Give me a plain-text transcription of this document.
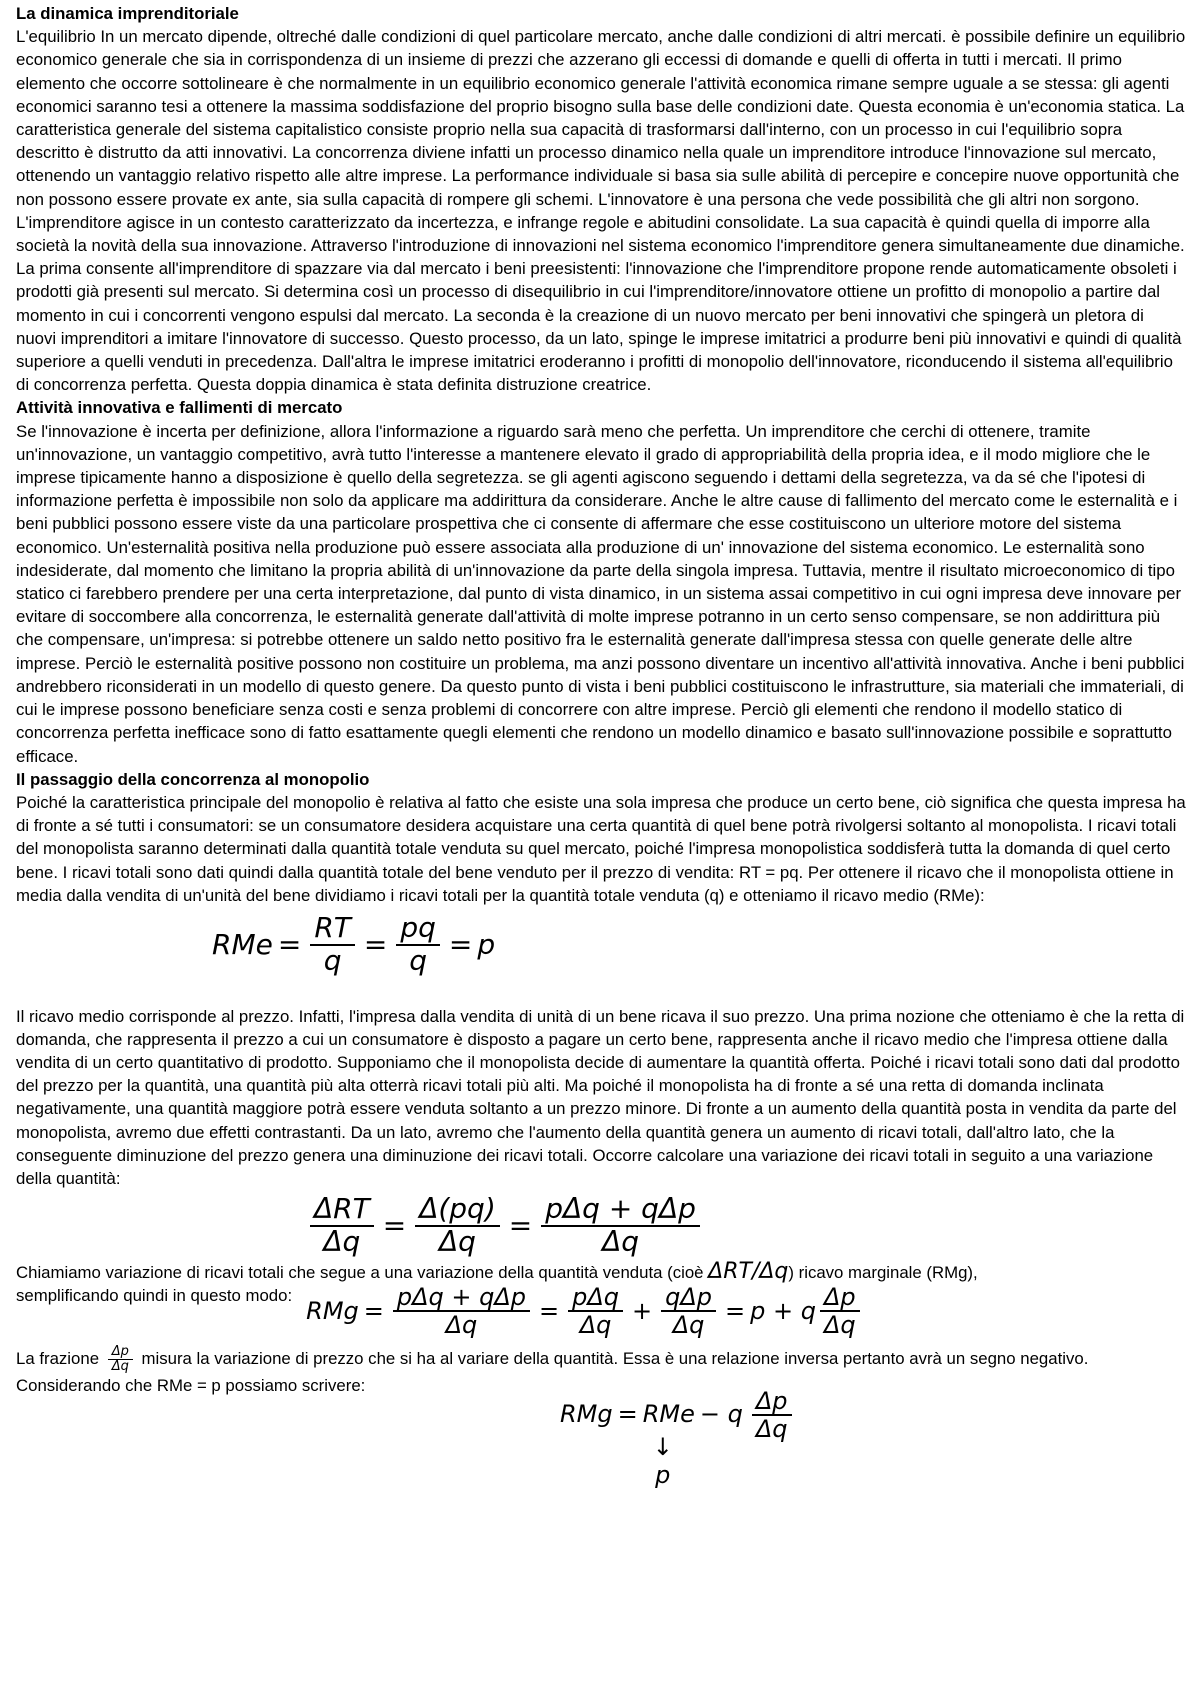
La dinamica imprenditoriale

L'equilibrio In un mercato dipende, oltreché dalle condizioni di quel particolare mercato, anche dalle condizioni di altri mercati. è possibile definire un equilibrio economico generale che sia in corrispondenza di un insieme di prezzi che azzerano gli eccessi di domande e quelli di offerta in tutti i mercati. Il primo elemento che occorre sottolineare è che normalmente in un equilibrio economico generale l'attività economica rimane sempre uguale a se stessa: gli agenti economici saranno tesi a ottenere la massima soddisfazione del proprio bisogno sulla base delle condizioni date. Questa economia è un'economia statica. La caratteristica generale del sistema capitalistico consiste proprio nella sua capacità di trasformarsi dall'interno, con un processo in cui l'equilibrio sopra descritto è distrutto da atti innovativi. La concorrenza diviene infatti un processo dinamico nella quale un imprenditore introduce l'innovazione sul mercato, ottenendo un vantaggio relativo rispetto alle altre imprese. La performance individuale si basa sia sulle abilità di percepire e concepire nuove opportunità che non possono essere provate ex ante, sia sulla capacità di rompere gli schemi. L'innovatore è una persona che vede possibilità che gli altri non sorgono. L'imprenditore agisce in un contesto caratterizzato da incertezza, e infrange regole e abitudini consolidate. La sua capacità è quindi quella di imporre alla società la novità della sua innovazione. Attraverso l'introduzione di innovazioni nel sistema economico l'imprenditore genera simultaneamente due dinamiche. La prima consente all'imprenditore di spazzare via dal mercato i beni preesistenti: l'innovazione che l'imprenditore propone rende automaticamente obsoleti i prodotti già presenti sul mercato. Si determina così un processo di disequilibrio in cui l'imprenditore/innovatore ottiene un profitto di monopolio a partire dal momento in cui i concorrenti vengono espulsi dal mercato. La seconda è la creazione di un nuovo mercato per beni innovativi che spingerà un pletora di nuovi imprenditori a imitare l'innovatore di successo. Questo processo, da un lato, spinge le imprese imitatrici a produrre beni più innovativi e quindi di qualità superiore a quelli venduti in precedenza. Dall'altra le imprese imitatrici eroderanno i profitti di monopolio dell'innovatore, riconducendo il sistema all'equilibrio di concorrenza perfetta. Questa doppia dinamica è stata definita distruzione creatrice.

Attività innovativa e fallimenti di mercato

Se l'innovazione è incerta per definizione, allora l'informazione a riguardo sarà meno che perfetta. Un imprenditore che cerchi di ottenere, tramite un'innovazione, un vantaggio competitivo, avrà tutto l'interesse a mantenere elevato il grado di appropriabilità della propria idea, e il modo migliore che le imprese tipicamente hanno a disposizione è quello della segretezza. se gli agenti agiscono seguendo i dettami della segretezza, va da sé che l'ipotesi di informazione perfetta è impossibile non solo da applicare ma addirittura da considerare. Anche le altre cause di fallimento del mercato come le esternalità e i beni pubblici possono essere viste da una particolare prospettiva che ci consente di affermare che esse costituiscono un ulteriore motore del sistema economico. Un'esternalità positiva nella produzione può essere associata alla produzione di un' innovazione del sistema economico. Le esternalità sono indesiderate, dal momento che limitano la propria abilità di un'innovazione da parte della singola impresa. Tuttavia, mentre il risultato microeconomico di tipo statico ci farebbero prendere per una certa interpretazione, dal punto di vista dinamico, in un sistema assai competitivo in cui ogni impresa deve innovare per evitare di soccombere alla concorrenza, le esternalità generate dall'attività di molte imprese potranno in un certo senso compensare, se non addirittura più che compensare, un'impresa: si potrebbe ottenere un saldo netto positivo fra le esternalità generate dall'impresa stessa con quelle generate delle altre imprese. Perciò le esternalità positive possono non costituire un problema, ma anzi possono diventare un incentivo all'attività innovativa. Anche i beni pubblici andrebbero riconsiderati in un modello di questo genere. Da questo punto di vista i beni pubblici costituiscono le infrastrutture, sia materiali che immateriali, di cui le imprese possono beneficiare senza costi e senza problemi di concorrere con altre imprese. Perciò gli elementi che rendono il modello statico di concorrenza perfetta inefficace sono di fatto esattamente quegli elementi che rendono un modello dinamico e basato sull'innovazione possibile e soprattutto efficace.

Il passaggio della concorrenza al monopolio

Poiché la caratteristica principale del monopolio è relativa al fatto che esiste una sola impresa che produce un certo bene, ciò significa che questa impresa ha di fronte a sé tutti i consumatori: se un consumatore desidera acquistare una certa quantità di quel bene potrà rivolgersi soltanto al monopolista. I ricavi totali del monopolista saranno determinati dalla quantità totale venduta su quel mercato, poiché l'impresa monopolistica soddisferà tutta la domanda di quel certo bene. I ricavi totali sono dati quindi dalla quantità totale del bene venduto per il prezzo di vendita: RT = pq. Per ottenere il ricavo che il monopolista ottiene in media dalla vendita di un'unità del bene dividiamo i ricavi totali per la quantità totale venduta (q) e otteniamo il ricavo medio (RMe):

RMe = $\frac{RT}{q} = \frac{pq}{q} = p$

Il ricavo medio corrisponde al prezzo. Infatti, l'impresa dalla vendita di unità di un bene ricava il suo prezzo. Una prima nozione che otteniamo è che la retta di domanda, che rappresenta il prezzo a cui un consumatore è disposto a pagare un certo bene, rappresenta anche il ricavo medio che l'impresa ottiene dalla vendita di un certo quantitativo di prodotto. Supponiamo che il monopolista decide di aumentare la quantità offerta. Poiché i ricavi totali sono dati dal prodotto del prezzo per la quantità, una quantità più alta otterrà ricavi totali più alti. Ma poiché il monopolista ha di fronte a sé una retta di domanda inclinata negativamente, una quantità maggiore potrà essere venduta soltanto a un prezzo minore. Di fronte a un aumento della quantità posta in vendita da parte del monopolista, avremo due effetti contrastanti. Da un lato, avremo che l'aumento della quantità genera un aumento di ricavi totali, dall'altro lato, che la conseguente diminuzione del prezzo genera una diminuzione dei ricavi totali. Occorre calcolare una variazione dei ricavi totali in seguito a una variazione della quantità:

$\frac{\text{ΔRT}}{\Delta q} = \frac{\Delta(pq)}{\Delta q} = \frac{\text{pΔq + qΔp}}{\Delta q}$

Chiamiamo variazione di ricavi totali che segue a una variazione della quantità venduta (cioè ΔRT/Δq) ricavo marginale (RMg),

semplificando quindi in questo modo:
RMg = $\frac{\text{pΔq + qΔp}}{\Delta q} = \frac{\text{pΔq}}{\Delta q} + \frac{\text{qΔp}}{\Delta q} = p + q \frac{\Delta p}{\Delta q}$

La frazione $\frac{\Delta p}{\Delta q}$ misura la variazione di prezzo che si ha al variare della quantità. Essa è una relazione inversa pertanto avrà un segno negativo. Considerando che RMe = p possiamo scrivere:

RMg = RMe
↓
p
− q $\frac{\Delta p}{\Delta q}$
